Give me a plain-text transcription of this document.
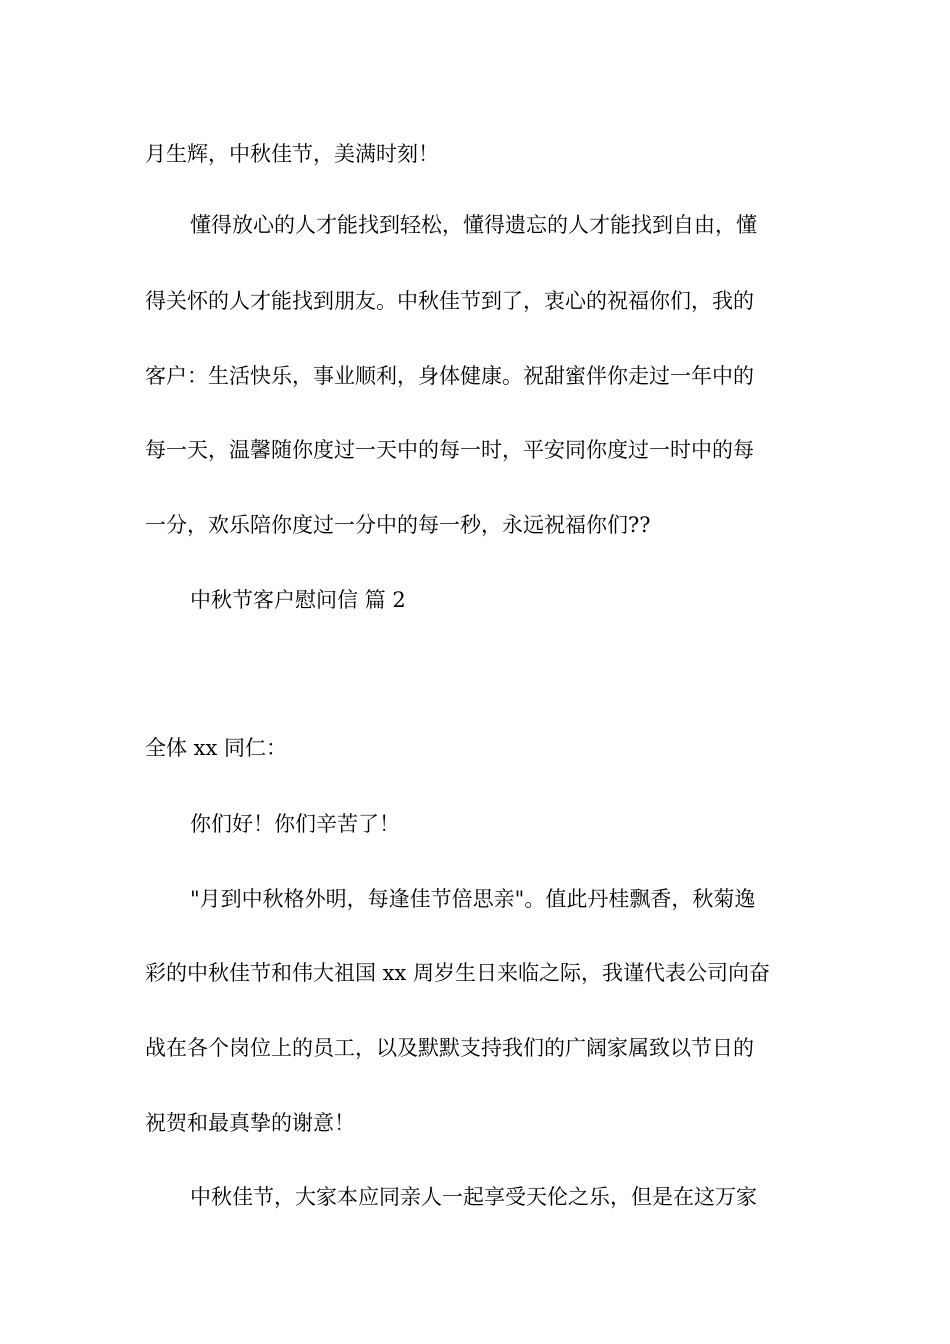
月生辉，中秋佳节，美满时刻！
懂得放心的人才能找到轻松，懂得遗忘的人才能找到自由，懂
得关怀的人才能找到朋友。中秋佳节到了，衷心的祝福你们，我的
客户：生活快乐，事业顺利，身体健康。祝甜蜜伴你走过一年中的
每一天，温馨随你度过一天中的每一时，平安同你度过一时中的每
一分，欢乐陪你度过一分中的每一秒，永远祝福你们??
中秋节客户慰问信 篇 2
全体 xx 同仁：
你们好！你们辛苦了！
"月到中秋格外明，每逢佳节倍思亲"。值此丹桂飘香，秋菊逸
彩的中秋佳节和伟大祖国 xx 周岁生日来临之际，我谨代表公司向奋
战在各个岗位上的员工，以及默默支持我们的广阔家属致以节日的
祝贺和最真挚的谢意！
中秋佳节，大家本应同亲人一起享受天伦之乐，但是在这万家
